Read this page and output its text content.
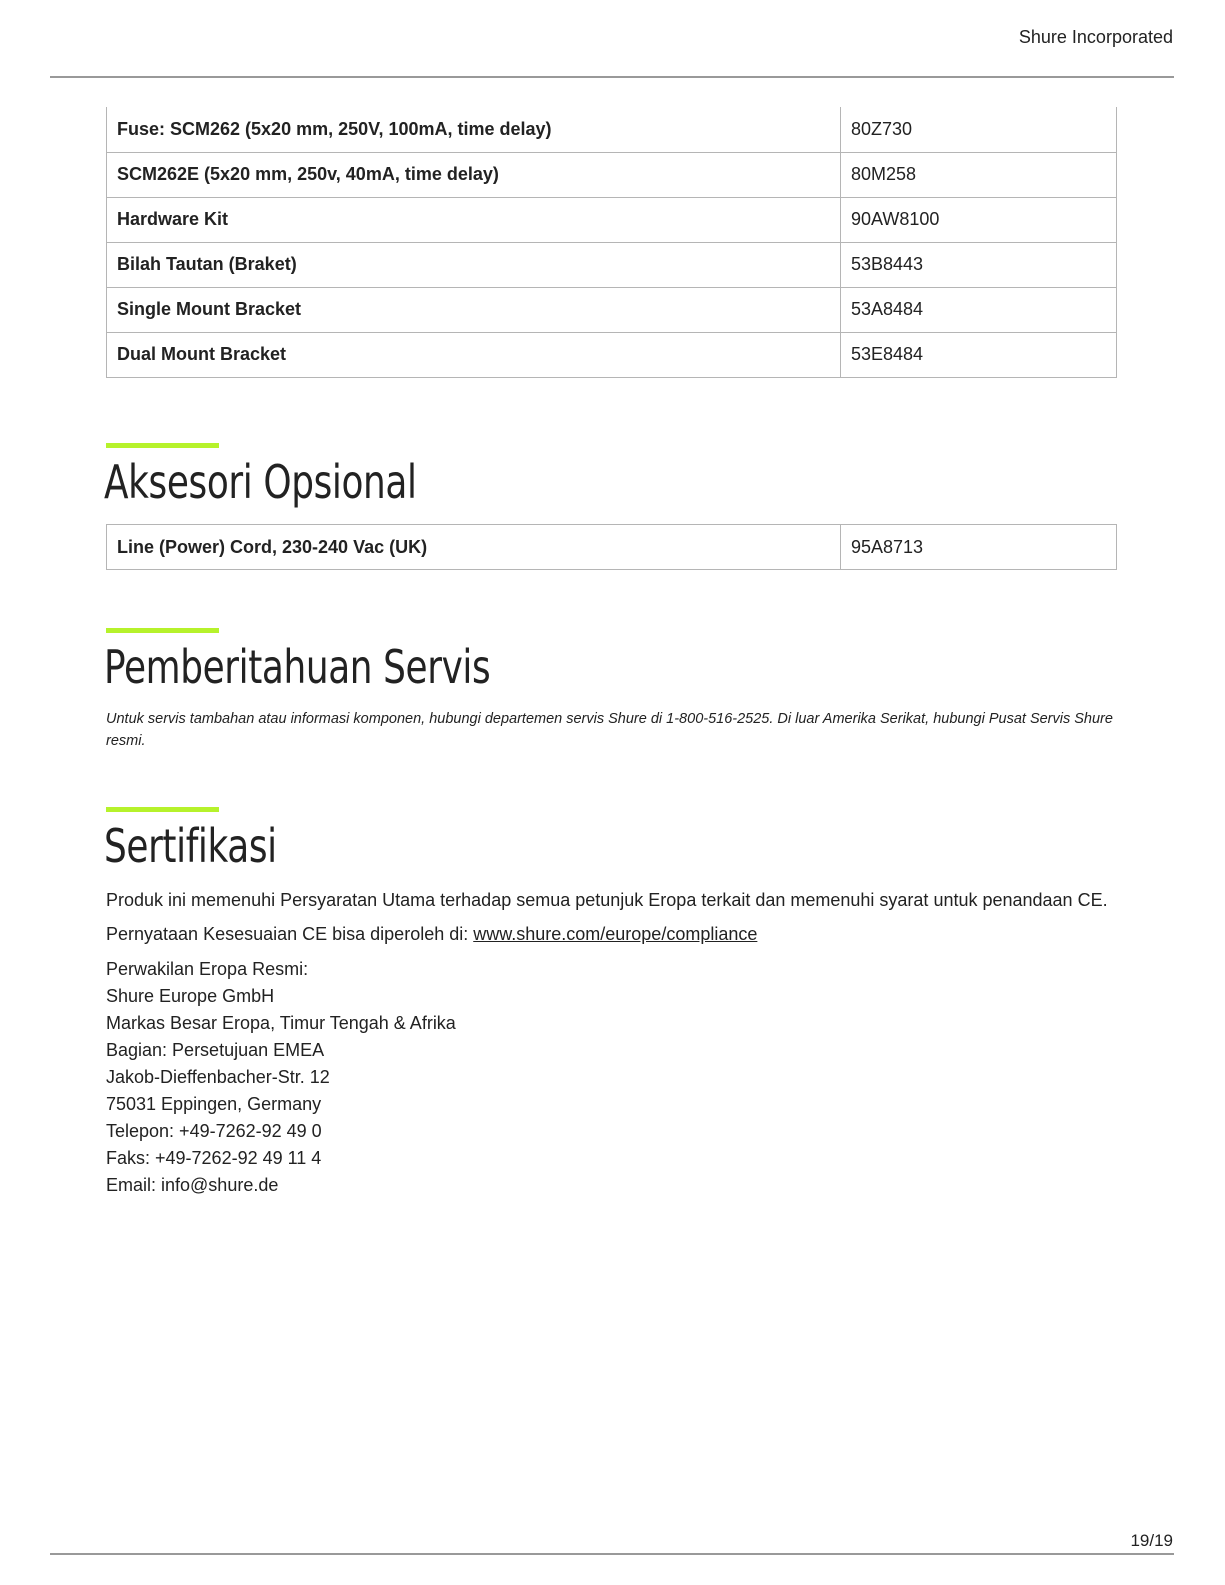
Shure Incorporated
Fuse: SCM262 (5x20 mm, 250V, 100mA, time delay)	80Z730
SCM262E (5x20 mm, 250v, 40mA, time delay)	80M258
Hardware Kit	90AW8100
Bilah Tautan (Braket)	53B8443
Single Mount Bracket	53A8484
Dual Mount Bracket	53E8484
Aksesori Opsional
Line (Power) Cord, 230-240 Vac (UK)	95A8713
Pemberitahuan Servis

Untuk servis tambahan atau informasi komponen, hubungi departemen servis Shure di 1-800-516-2525. Di luar Amerika Serikat, hubungi Pusat Servis Shure resmi.

Sertifikasi

Produk ini memenuhi Persyaratan Utama terhadap semua petunjuk Eropa terkait dan memenuhi syarat untuk penandaan CE.

Pernyataan Kesesuaian CE bisa diperoleh di: www.shure.com/europe/compliance

Perwakilan Eropa Resmi:
Shure Europe GmbH
Markas Besar Eropa, Timur Tengah & Afrika
Bagian: Persetujuan EMEA
Jakob-Dieffenbacher-Str. 12
75031 Eppingen, Germany
Telepon: +49-7262-92 49 0
Faks: +49-7262-92 49 11 4
Email: info@shure.de
19/19
